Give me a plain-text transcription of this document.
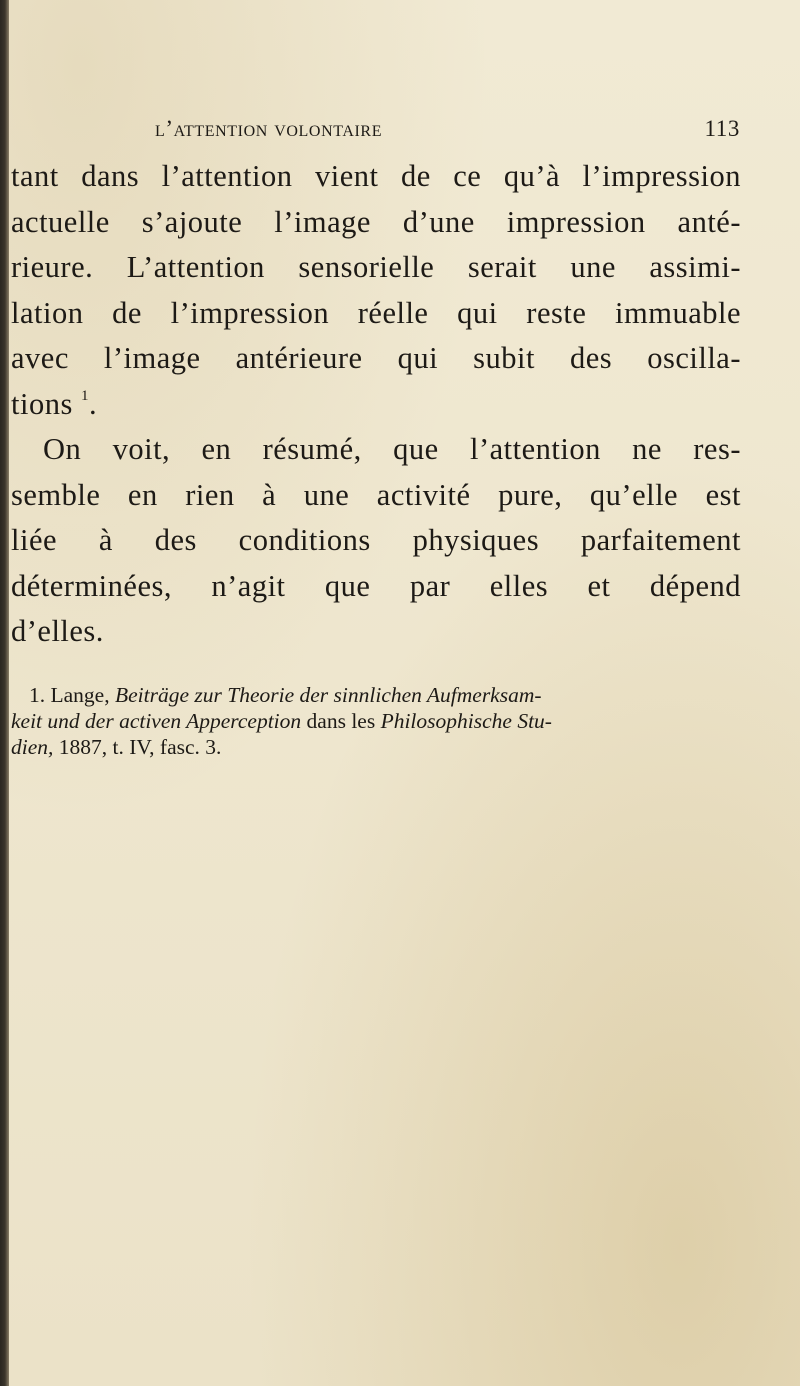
l’attention volontaire	113
tant dans l’attention vient de ce qu’à l’impression
actuelle s’ajoute l’image d’une impression anté-
rieure. L’attention sensorielle serait une assimi-
lation de l’impression réelle qui reste immuable
avec l’image antérieure qui subit des oscilla-
tions $^1$.
On voit, en résumé, que l’attention ne res-
semble en rien à une activité pure, qu’elle est
liée à des conditions physiques parfaitement
déterminées, n’agit que par elles et dépend
d’elles.
1. Lange, Beiträge zur Theorie der sinnlichen Aufmerksam-
keit und der activen Apperception dans les Philosophische Stu-
dien, 1887, t. IV, fasc. 3.
